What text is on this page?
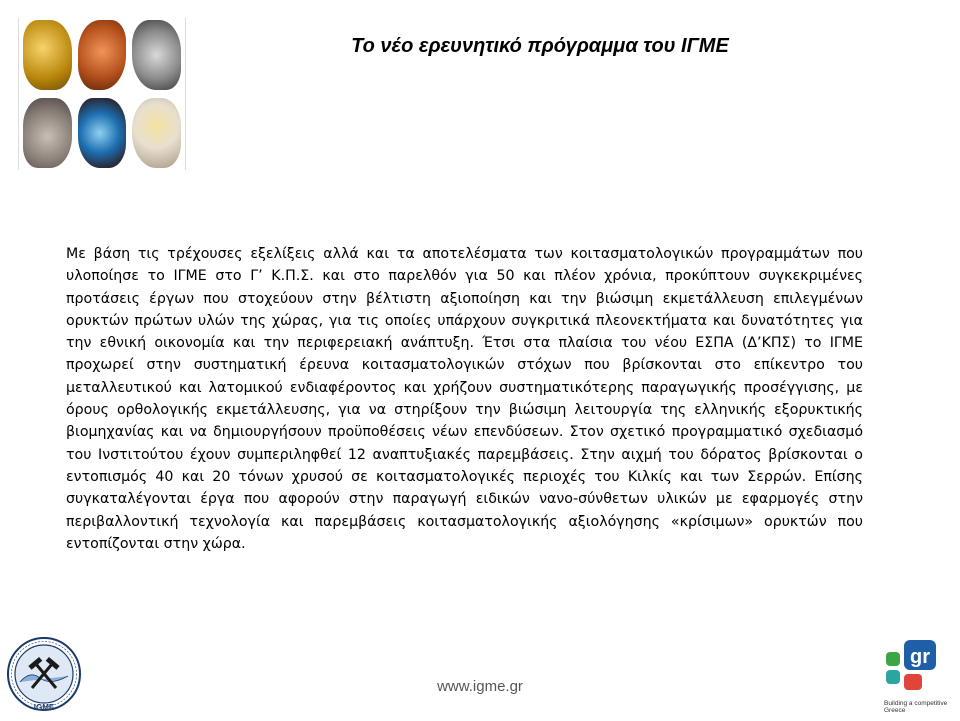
Το νέο ερευνητικό πρόγραμμα του ΙΓΜΕ

Με βάση τις τρέχουσες εξελίξεις αλλά και τα αποτελέσματα των κοιτασματολογικών προγραμμάτων που υλοποίησε το ΙΓΜΕ στο Γ’ Κ.Π.Σ. και στο παρελθόν για 50 και πλέον χρόνια, προκύπτουν συγκεκριμένες προτάσεις έργων που στοχεύουν στην βέλτιστη αξιοποίηση και την βιώσιμη εκμετάλλευση επιλεγμένων ορυκτών πρώτων υλών της χώρας, για τις οποίες υπάρχουν συγκριτικά πλεονεκτήματα και δυνατότητες για την εθνική οικονομία και την περιφερειακή ανάπτυξη. Έτσι στα πλαίσια του νέου ΕΣΠΑ (Δ’ΚΠΣ) το ΙΓΜΕ προχωρεί στην συστηματική έρευνα κοιτασματολογικών στόχων που βρίσκονται στο επίκεντρο του μεταλλευτικού και λατομικού ενδιαφέροντος και χρήζουν συστηματικότερης παραγωγικής προσέγγισης, με όρους ορθολογικής εκμετάλλευσης, για να στηρίξουν την βιώσιμη λειτουργία της ελληνικής εξορυκτικής βιομηχανίας και να δημιουργήσουν προϋποθέσεις νέων επενδύσεων. Στον σχετικό προγραμματικό σχεδιασμό του Ινστιτούτου έχουν συμπεριληφθεί 12 αναπτυξιακές παρεμβάσεις. Στην αιχμή του δόρατος βρίσκονται ο εντοπισμός 40 και 20 τόνων χρυσού σε κοιτασματολογικές περιοχές του Κιλκίς και των Σερρών. Επίσης συγκαταλέγονται έργα που αφορούν στην παραγωγή ειδικών νανο-σύνθετων υλικών με εφαρμογές στην περιβαλλοντική τεχνολογία και παρεμβάσεις κοιτασματολογικής αξιολόγησης «κρίσιμων» ορυκτών που εντοπίζονται στην χώρα.

IGME
www.igme.gr
gr
Building a competitive Greece
